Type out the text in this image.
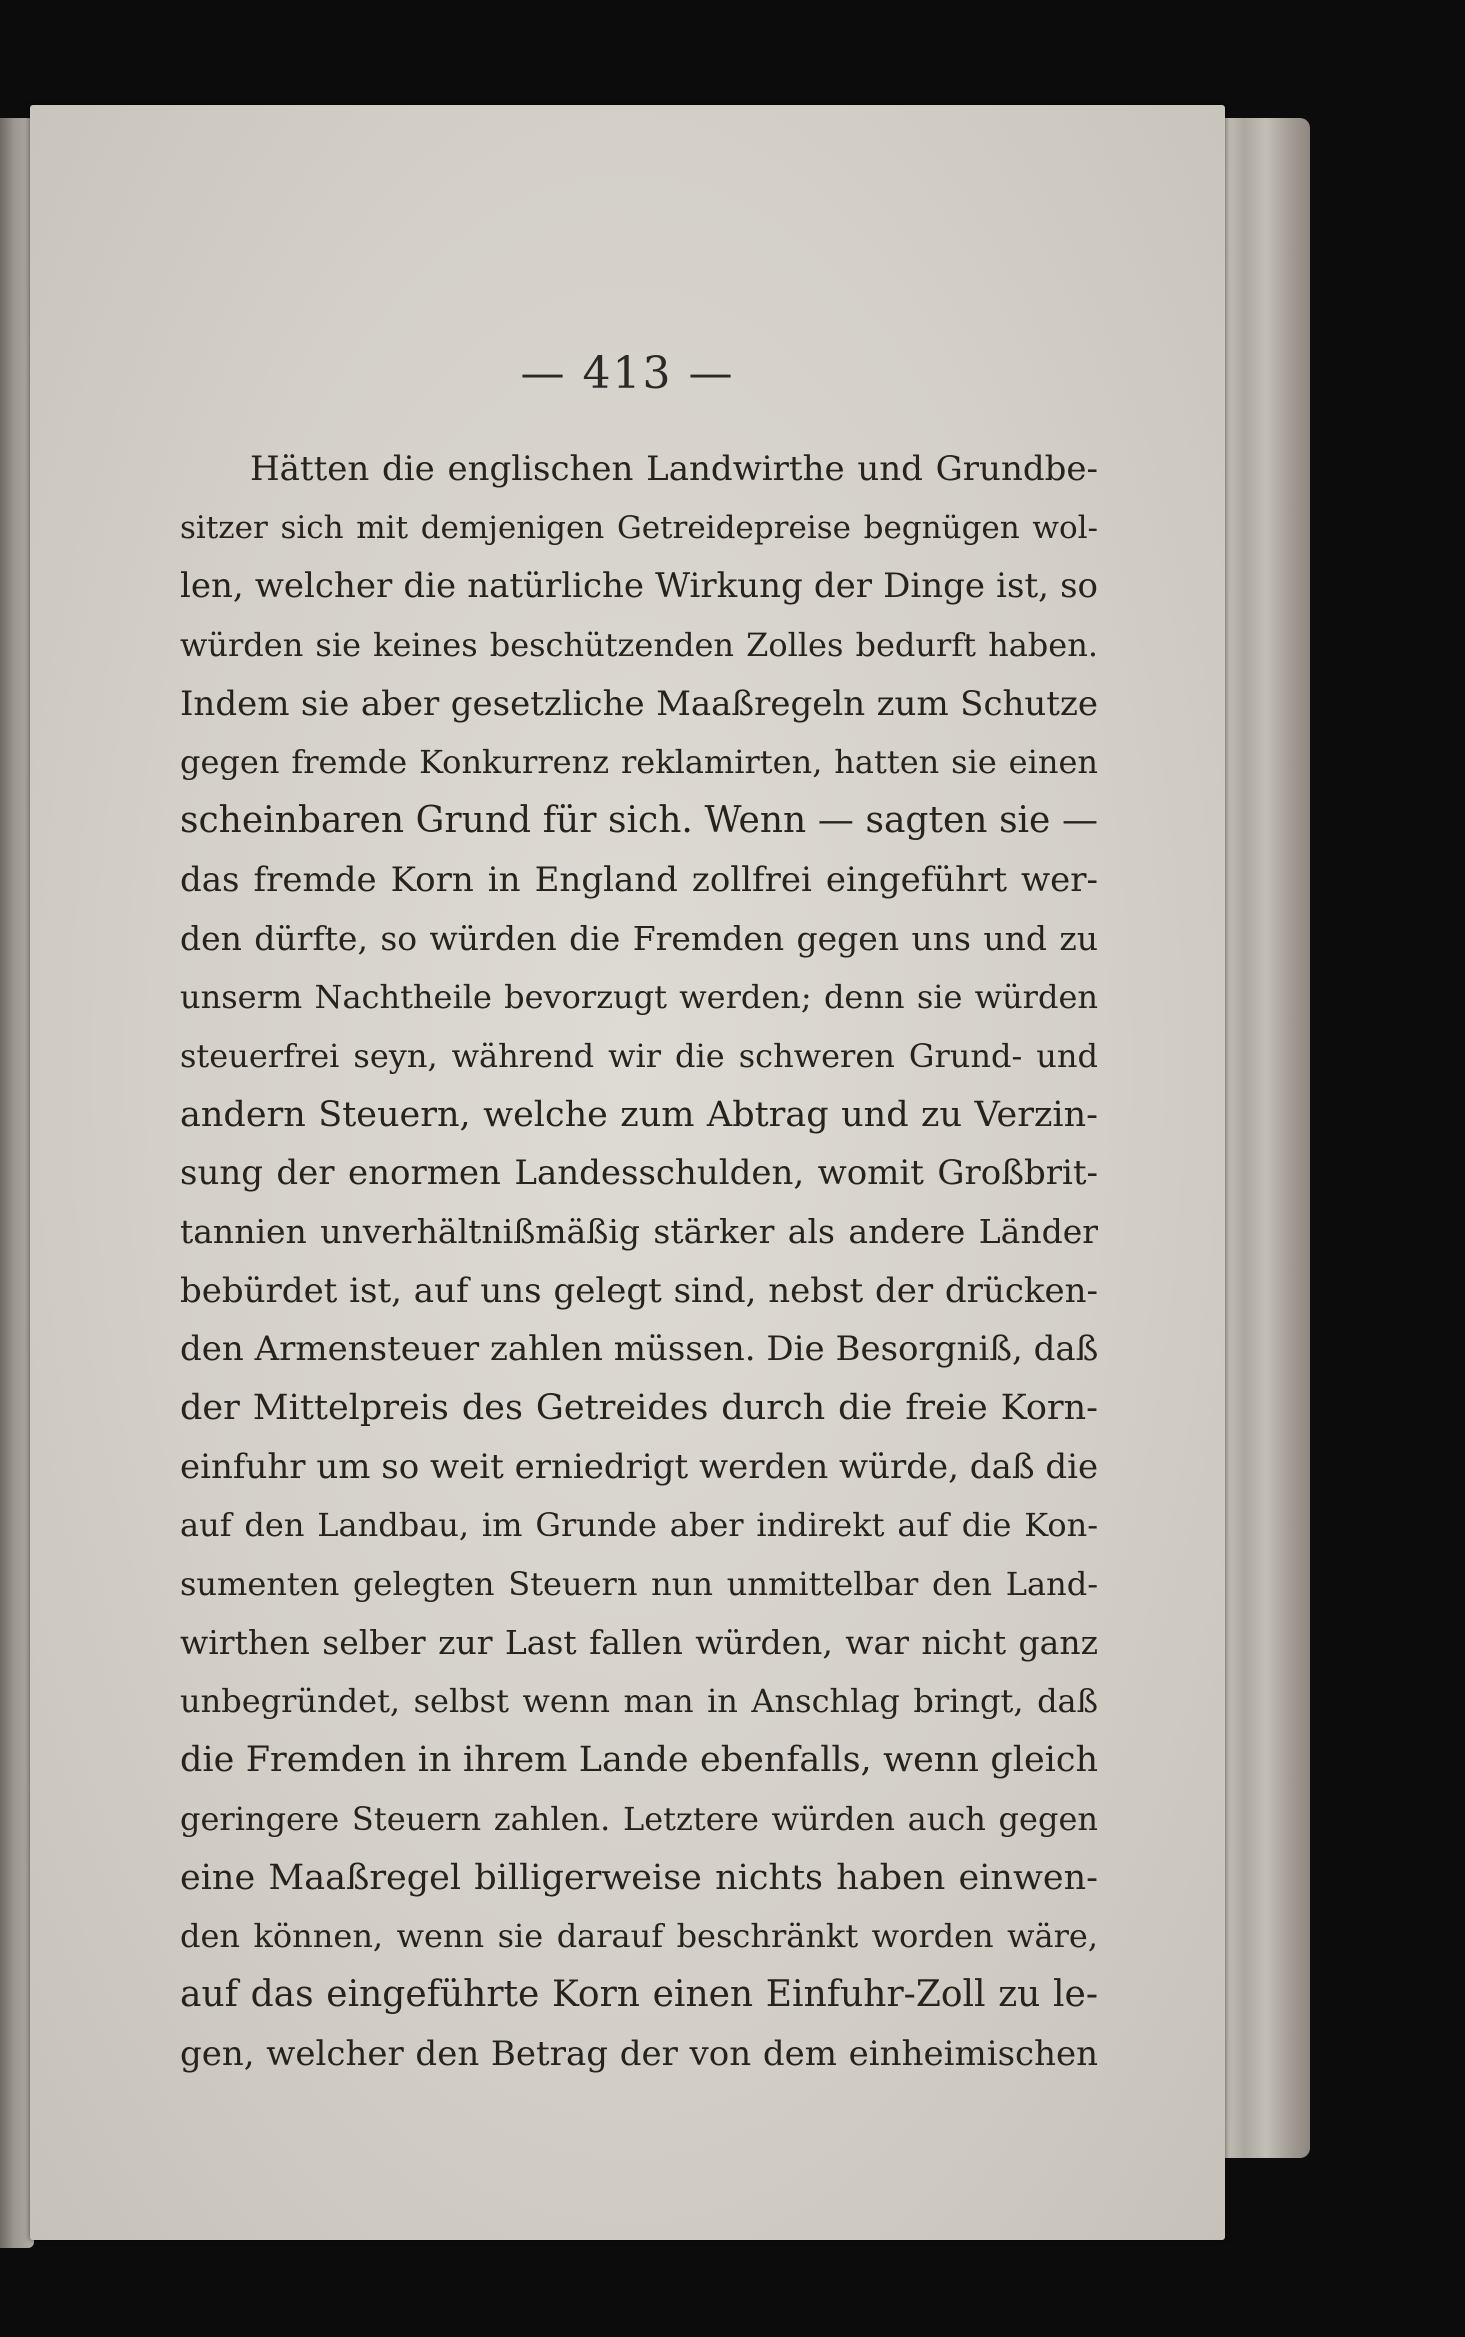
— 413 —
Hätten die englischen Landwirthe und Grundbe-
sitzer sich mit demjenigen Getreidepreise begnügen wol-
len, welcher die natürliche Wirkung der Dinge ist, so
würden sie keines beschützenden Zolles bedurft haben.
Indem sie aber gesetzliche Maaßregeln zum Schutze
gegen fremde Konkurrenz reklamirten, hatten sie einen
scheinbaren Grund für sich. Wenn — sagten sie —
das fremde Korn in England zollfrei eingeführt wer-
den dürfte, so würden die Fremden gegen uns und zu
unserm Nachtheile bevorzugt werden; denn sie würden
steuerfrei seyn, während wir die schweren Grund- und
andern Steuern, welche zum Abtrag und zu Verzin-
sung der enormen Landesschulden, womit Großbrit-
tannien unverhältnißmäßig stärker als andere Länder
bebürdet ist, auf uns gelegt sind, nebst der drücken-
den Armensteuer zahlen müssen. Die Besorgniß, daß
der Mittelpreis des Getreides durch die freie Korn-
einfuhr um so weit erniedrigt werden würde, daß die
auf den Landbau, im Grunde aber indirekt auf die Kon-
sumenten gelegten Steuern nun unmittelbar den Land-
wirthen selber zur Last fallen würden, war nicht ganz
unbegründet, selbst wenn man in Anschlag bringt, daß
die Fremden in ihrem Lande ebenfalls, wenn gleich
geringere Steuern zahlen. Letztere würden auch gegen
eine Maaßregel billigerweise nichts haben einwen-
den können, wenn sie darauf beschränkt worden wäre,
auf das eingeführte Korn einen Einfuhr-Zoll zu le-
gen, welcher den Betrag der von dem einheimischen
